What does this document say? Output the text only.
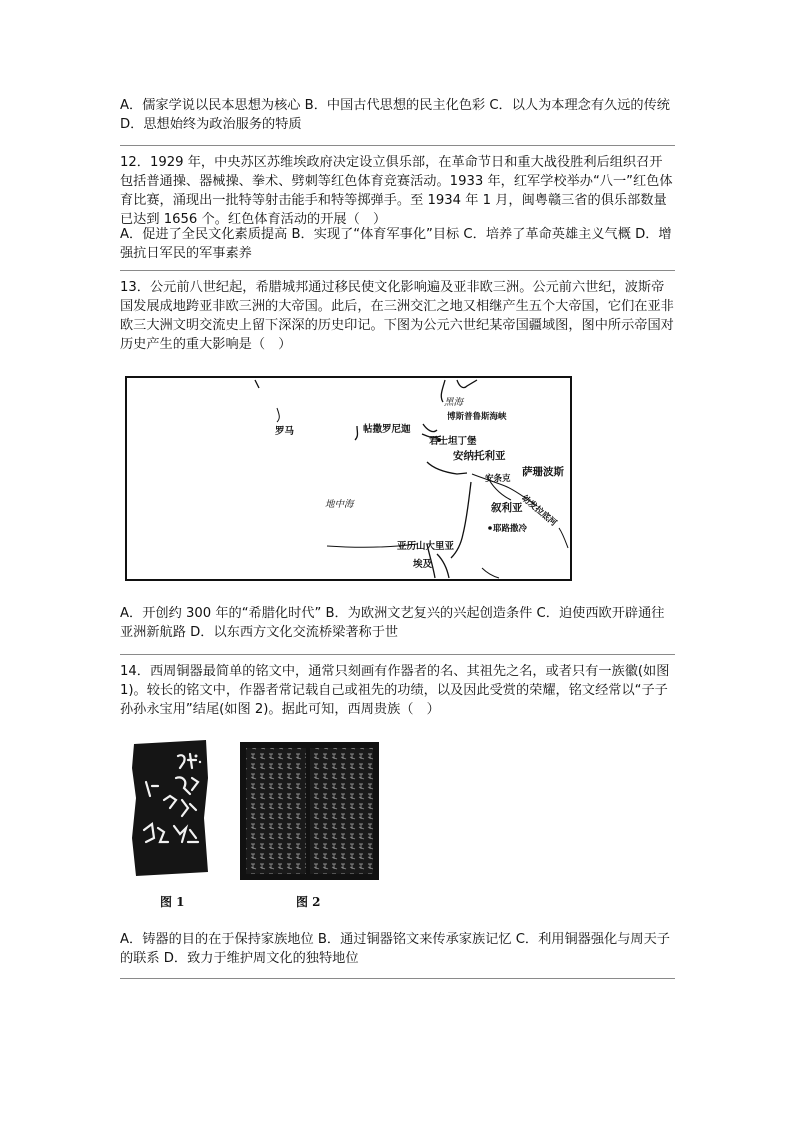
A．儒家学说以民本思想为核心 B．中国古代思想的民主化色彩 C．以人为本理念有久远的传统 D．思想始终为政治服务的特质

12．1929 年，中央苏区苏维埃政府决定设立俱乐部，在革命节日和重大战役胜利后组织召开包括普通操、器械操、拳术、劈刺等红色体育竞赛活动。1933 年，红军学校举办“八一”红色体育比赛，涌现出一批特等射击能手和特等掷弹手。至 1934 年 1 月，闽粤赣三省的俱乐部数量已达到 1656 个。红色体育活动的开展（　）

A．促进了全民文化素质提高 B．实现了“体育军事化”目标 C．培养了革命英雄主义气概 D．增强抗日军民的军事素养

13．公元前八世纪起，希腊城邦通过移民使文化影响遍及亚非欧三洲。公元前六世纪，波斯帝国发展成地跨亚非欧三洲的大帝国。此后，在三洲交汇之地又相继产生五个大帝国，它们在亚非欧三大洲文明交流史上留下深深的历史印记。下图为公元六世纪某帝国疆域图，图中所示帝国对历史产生的重大影响是（　）

黑海
博斯普鲁斯海峡
罗马	帖撒罗尼迦
君士坦丁堡
安纳托利亚
萨珊波斯
安条克
幼发拉底河
叙利亚
地中海
耶路撒冷
亚历山大里亚
埃及

A．开创约 300 年的“希腊化时代” B．为欧洲文艺复兴的兴起创造条件 C．迫使西欧开辟通往亚洲新航路 D．以东西方文化交流桥梁著称于世

14．西周铜器最简单的铭文中，通常只刻画有作器者的名、其祖先之名，或者只有一族徽(如图 1)。较长的铭文中，作器者常记载自己或祖先的功绩，以及因此受赏的荣耀，铭文经常以“子子孙孙永宝用”结尾(如图 2)。据此可知，西周贵族（　）

图 1	图 2

A．铸器的目的在于保持家族地位 B．通过铜器铭文来传承家族记忆 C．利用铜器强化与周天子的联系 D．致力于维护周文化的独特地位
